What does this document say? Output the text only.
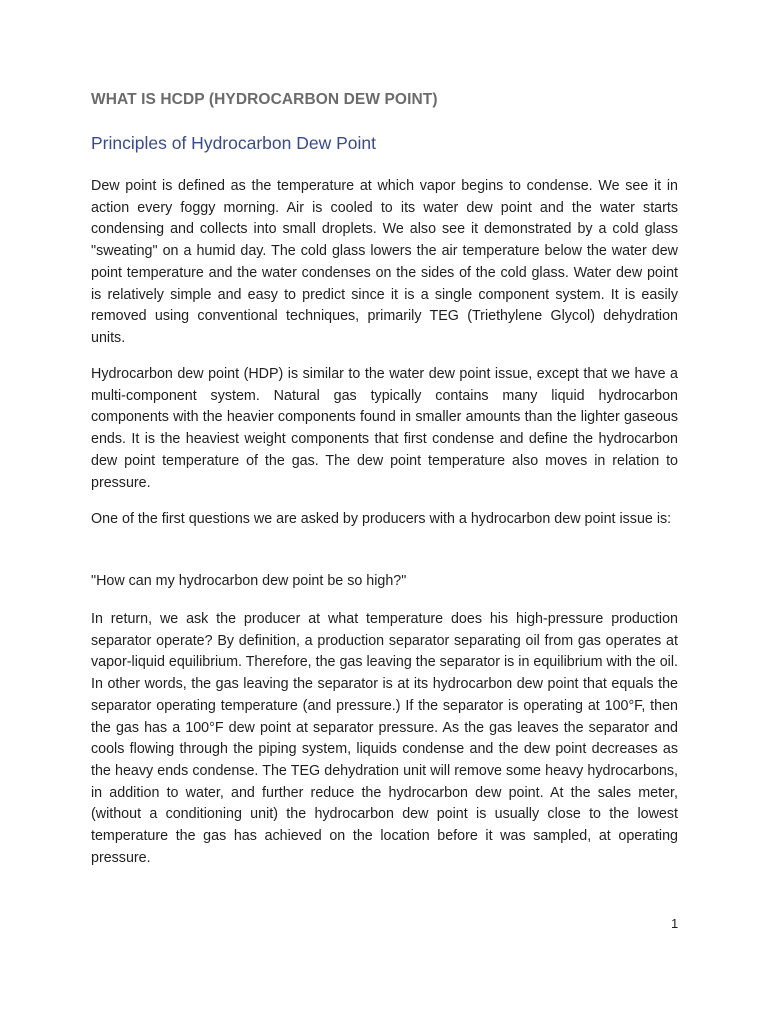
WHAT IS HCDP (HYDROCARBON DEW POINT)
Principles of Hydrocarbon Dew Point

Dew point is defined as the temperature at which vapor begins to condense. We see it in action every foggy morning. Air is cooled to its water dew point and the water starts condensing and collects into small droplets. We also see it demonstrated by a cold glass "sweating" on a humid day. The cold glass lowers the air temperature below the water dew point temperature and the water condenses on the sides of the cold glass. Water dew point is relatively simple and easy to predict since it is a single component system. It is easily removed using conventional techniques, primarily TEG (Triethylene Glycol) dehydration units.

Hydrocarbon dew point (HDP) is similar to the water dew point issue, except that we have a multi-component system. Natural gas typically contains many liquid hydrocarbon components with the heavier components found in smaller amounts than the lighter gaseous ends. It is the heaviest weight components that first condense and define the hydrocarbon dew point temperature of the gas. The dew point temperature also moves in relation to pressure.

One of the first questions we are asked by producers with a hydrocarbon dew point issue is:

"How can my hydrocarbon dew point be so high?"

In return, we ask the producer at what temperature does his high-pressure production separator operate? By definition, a production separator separating oil from gas operates at vapor-liquid equilibrium. Therefore, the gas leaving the separator is in equilibrium with the oil. In other words, the gas leaving the separator is at its hydrocarbon dew point that equals the separator operating temperature (and pressure.) If the separator is operating at 100°F, then the gas has a 100°F dew point at separator pressure. As the gas leaves the separator and cools flowing through the piping system, liquids condense and the dew point decreases as the heavy ends condense. The TEG dehydration unit will remove some heavy hydrocarbons, in addition to water, and further reduce the hydrocarbon dew point. At the sales meter, (without a conditioning unit) the hydrocarbon dew point is usually close to the lowest temperature the gas has achieved on the location before it was sampled, at operating pressure.

1
